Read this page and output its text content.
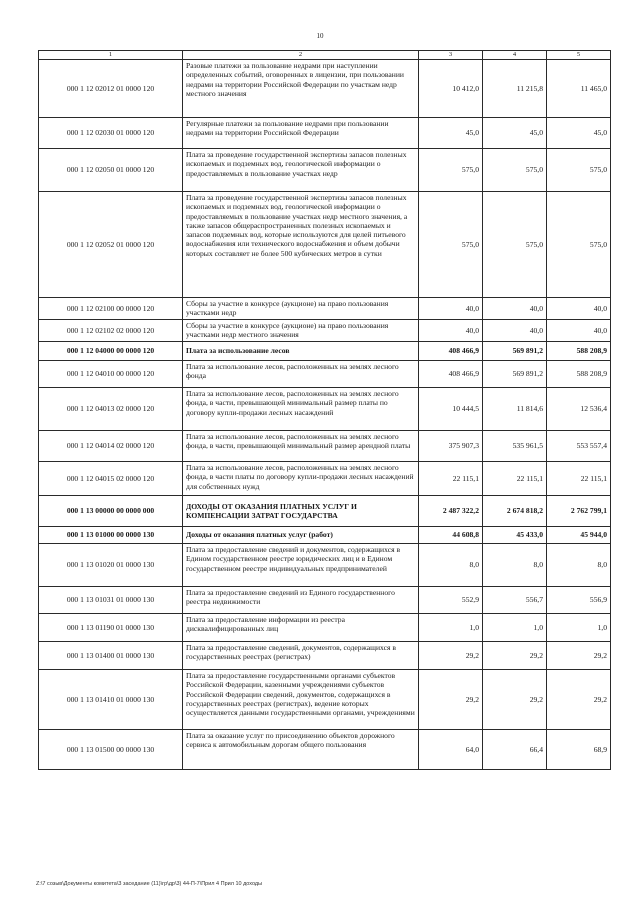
10
1	2	3	4	5
000 1 12 02012 01 0000 120	Разовые платежи за пользование недрами при наступлении определенных событий, оговоренных в лицензии, при пользовании недрами на территории Российской Федерации по участкам недр местного значения	10 412,0	11 215,8	11 465,0
000 1 12 02030 01 0000 120	Регулярные платежи за пользование недрами при пользовании недрами на территории Российской Федерации	45,0	45,0	45,0
000 1 12 02050 01 0000 120	Плата за проведение государственной экспертизы запасов полезных ископаемых и подземных вод, геологической информации о предоставляемых в пользование участках недр	575,0	575,0	575,0
000 1 12 02052 01 0000 120	Плата за проведение государственной экспертизы запасов полезных ископаемых и подземных вод, геологической информации о предоставляемых в пользование участках недр местного значения, а также запасов общераспространенных полезных ископаемых и запасов подземных вод, которые используются для целей питьевого водоснабжения или технического водоснабжения и объем добычи которых составляет не более 500 кубических метров в сутки	575,0	575,0	575,0
000 1 12 02100 00 0000 120	Сборы за участие в конкурсе (аукционе) на право пользования участками недр	40,0	40,0	40,0
000 1 12 02102 02 0000 120	Сборы за участие в конкурсе (аукционе) на право пользования участками недр местного значения	40,0	40,0	40,0
000 1 12 04000 00 0000 120	Плата за использование лесов	408 466,9	569 891,2	588 208,9
000 1 12 04010 00 0000 120	Плата за использование лесов, расположенных на землях лесного фонда	408 466,9	569 891,2	588 208,9
000 1 12 04013 02 0000 120	Плата за использование лесов, расположенных на землях лесного фонда, в части, превышающей минимальный размер платы по договору купли-продажи лесных насаждений	10 444,5	11 814,6	12 536,4
000 1 12 04014 02 0000 120	Плата за использование лесов, расположенных на землях лесного фонда, в части, превышающей минимальный размер арендной платы	375 907,3	535 961,5	553 557,4
000 1 12 04015 02 0000 120	Плата за использование лесов, расположенных на землях лесного фонда, в части платы по договору купли-продажи лесных насаждений для собственных нужд	22 115,1	22 115,1	22 115,1
000 1 13 00000 00 0000 000	ДОХОДЫ ОТ ОКАЗАНИЯ ПЛАТНЫХ УСЛУГ И КОМПЕНСАЦИИ ЗАТРАТ ГОСУДАРСТВА	2 487 322,2	2 674 818,2	2 762 799,1
000 1 13 01000 00 0000 130	Доходы от оказания платных услуг (работ)	44 608,8	45 433,0	45 944,0
000 1 13 01020 01 0000 130	Плата за предоставление сведений и документов, содержащихся в Едином государственном реестре юридических лиц и в Едином государственном реестре индивидуальных предпринимателей	8,0	8,0	8,0
000 1 13 01031 01 0000 130	Плата за предоставление сведений из Единого государственного реестра недвижимости	552,9	556,7	556,9
000 1 13 01190 01 0000 130	Плата за предоставление информации из реестра дисквалифицированных лиц	1,0	1,0	1,0
000 1 13 01400 01 0000 130	Плата за предоставление сведений, документов, содержащихся в государственных реестрах (регистрах)	29,2	29,2	29,2
000 1 13 01410 01 0000 130	Плата за предоставление государственными органами субъектов Российской Федерации, казенными учреждениями субъектов Российской Федерации сведений, документов, содержащихся в государственных реестрах (регистрах), ведение которых осуществляется данными государственными органами, учреждениями	29,2	29,2	29,2
000 1 13 01500 00 0000 130	Плата за оказание услуг по присоединению объектов дорожного сервиса к автомобильным дорогам общего пользования	64,0	66,4	68,9
Z:\7 созыв\Документы комитета\3 заседание (11)\гр\др\3) 44-П-7\Прил 4 Прил 10 доходы
